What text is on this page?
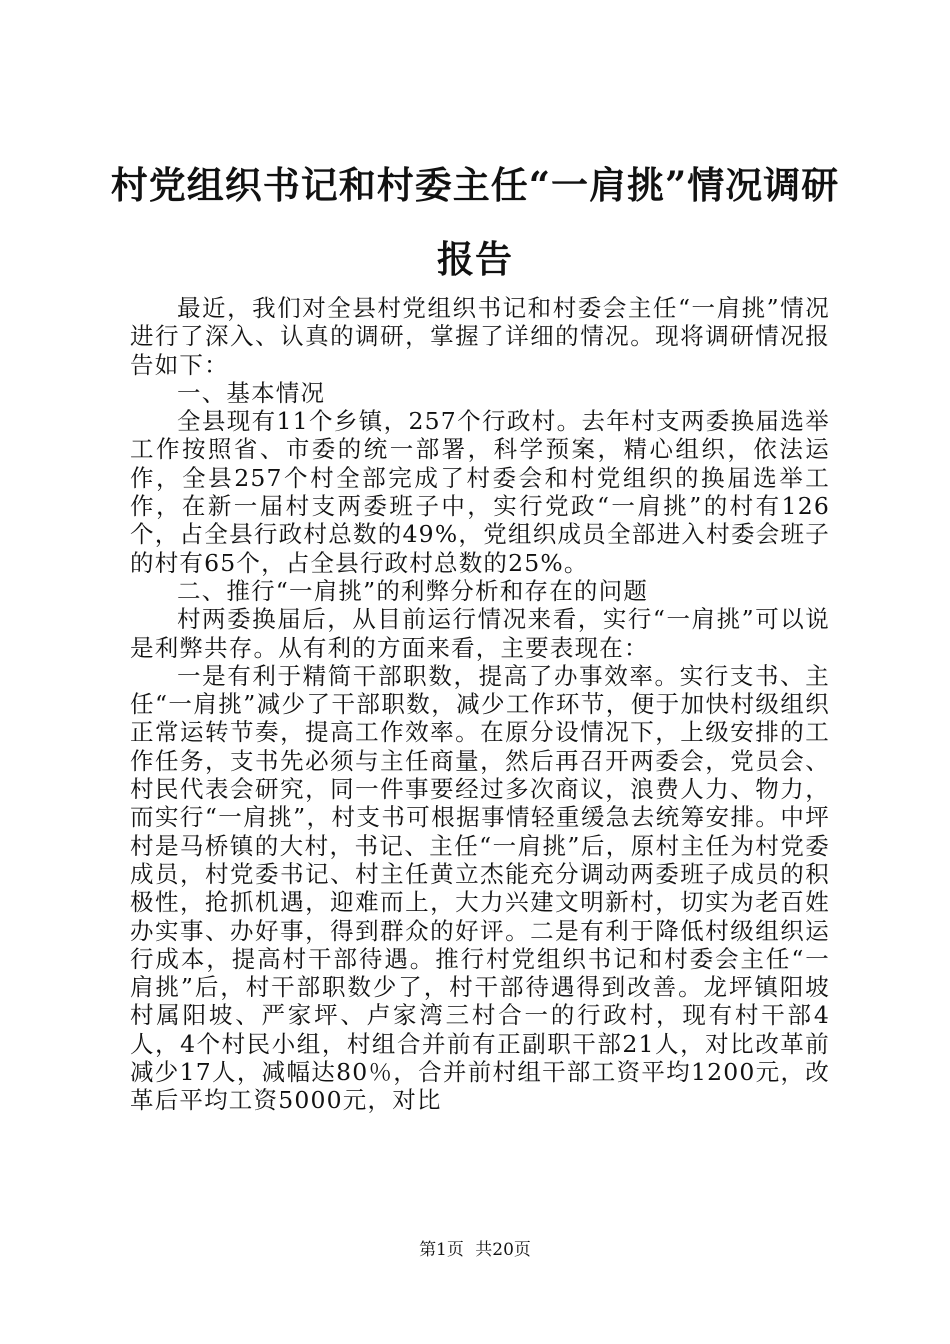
村党组织书记和村委主任“一肩挑”情况调研报告

最近，我们对全县村党组织书记和村委会主任“一肩挑”情况进行了深入、认真的调研，掌握了详细的情况。现将调研情况报告如下：

一、基本情况

全县现有11个乡镇，257个行政村。去年村支两委换届选举工作按照省、市委的统一部署，科学预案，精心组织，依法运作，全县257个村全部完成了村委会和村党组织的换届选举工作，在新一届村支两委班子中，实行党政“一肩挑”的村有126个，占全县行政村总数的49%，党组织成员全部进入村委会班子的村有65个，占全县行政村总数的25%。

二、推行“一肩挑”的利弊分析和存在的问题

村两委换届后，从目前运行情况来看，实行“一肩挑”可以说是利弊共存。从有利的方面来看，主要表现在：

一是有利于精简干部职数，提高了办事效率。实行支书、主任“一肩挑”减少了干部职数，减少工作环节，便于加快村级组织正常运转节奏，提高工作效率。在原分设情况下，上级安排的工作任务，支书先必须与主任商量，然后再召开两委会，党员会、村民代表会研究，同一件事要经过多次商议，浪费人力、物力，而实行“一肩挑”，村支书可根据事情轻重缓急去统筹安排。中坪村是马桥镇的大村，书记、主任“一肩挑”后，原村主任为村党委成员，村党委书记、村主任黄立杰能充分调动两委班子成员的积极性，抢抓机遇，迎难而上，大力兴建文明新村，切实为老百姓办实事、办好事，得到群众的好评。二是有利于降低村级组织运行成本，提高村干部待遇。推行村党组织书记和村委会主任“一肩挑”后，村干部职数少了，村干部待遇得到改善。龙坪镇阳坡村属阳坡、严家坪、卢家湾三村合一的行政村，现有村干部4人，4个村民小组，村组合并前有正副职干部21人，对比改革前减少17人，减幅达80％，合并前村组干部工资平均1200元，改革后平均工资5000元，对比

第1页 共20页
